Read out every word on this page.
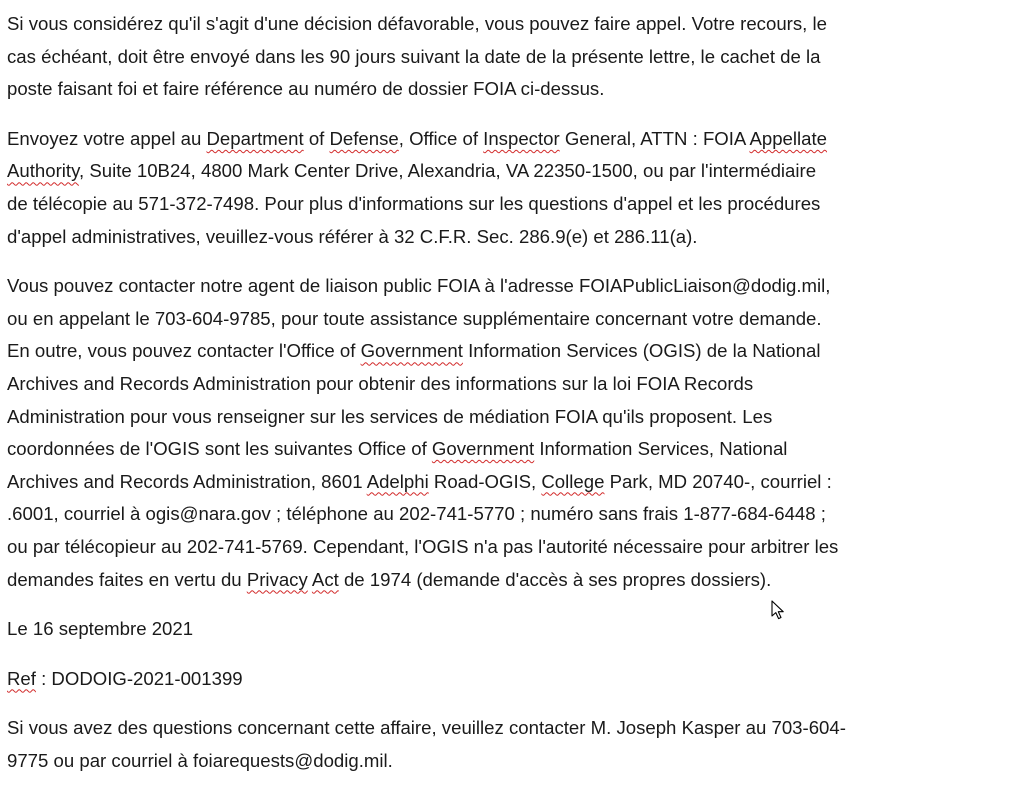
Si vous considérez qu'il s'agit d'une décision défavorable, vous pouvez faire appel. Votre recours, le
cas échéant, doit être envoyé dans les 90 jours suivant la date de la présente lettre, le cachet de la
poste faisant foi et faire référence au numéro de dossier FOIA ci-dessus.

Envoyez votre appel au Department of Defense, Office of Inspector General, ATTN : FOIA Appellate
Authority, Suite 10B24, 4800 Mark Center Drive, Alexandria, VA 22350-1500, ou par l'intermédiaire
de télécopie au 571-372-7498. Pour plus d'informations sur les questions d'appel et les procédures
d'appel administratives, veuillez-vous référer à 32 C.F.R. Sec. 286.9(e) et 286.11(a).

Vous pouvez contacter notre agent de liaison public FOIA à l'adresse FOIAPublicLiaison@dodig.mil,
ou en appelant le 703-604-9785, pour toute assistance supplémentaire concernant votre demande.
En outre, vous pouvez contacter l'Office of Government Information Services (OGIS) de la National
Archives and Records Administration pour obtenir des informations sur la loi FOIA Records
Administration pour vous renseigner sur les services de médiation FOIA qu'ils proposent. Les
coordonnées de l'OGIS sont les suivantes Office of Government Information Services, National
Archives and Records Administration, 8601 Adelphi Road-OGIS, College Park, MD 20740-, courriel :
.6001, courriel à ogis@nara.gov ; téléphone au 202-741-5770 ; numéro sans frais 1-877-684-6448 ;
ou par télécopieur au 202-741-5769. Cependant, l'OGIS n'a pas l'autorité nécessaire pour arbitrer les
demandes faites en vertu du Privacy Act de 1974 (demande d'accès à ses propres dossiers).

Le 16 septembre 2021

Ref : DODOIG-2021-001399

Si vous avez des questions concernant cette affaire, veuillez contacter M. Joseph Kasper au 703-604-
9775 ou par courriel à foiarequests@dodig.mil.
